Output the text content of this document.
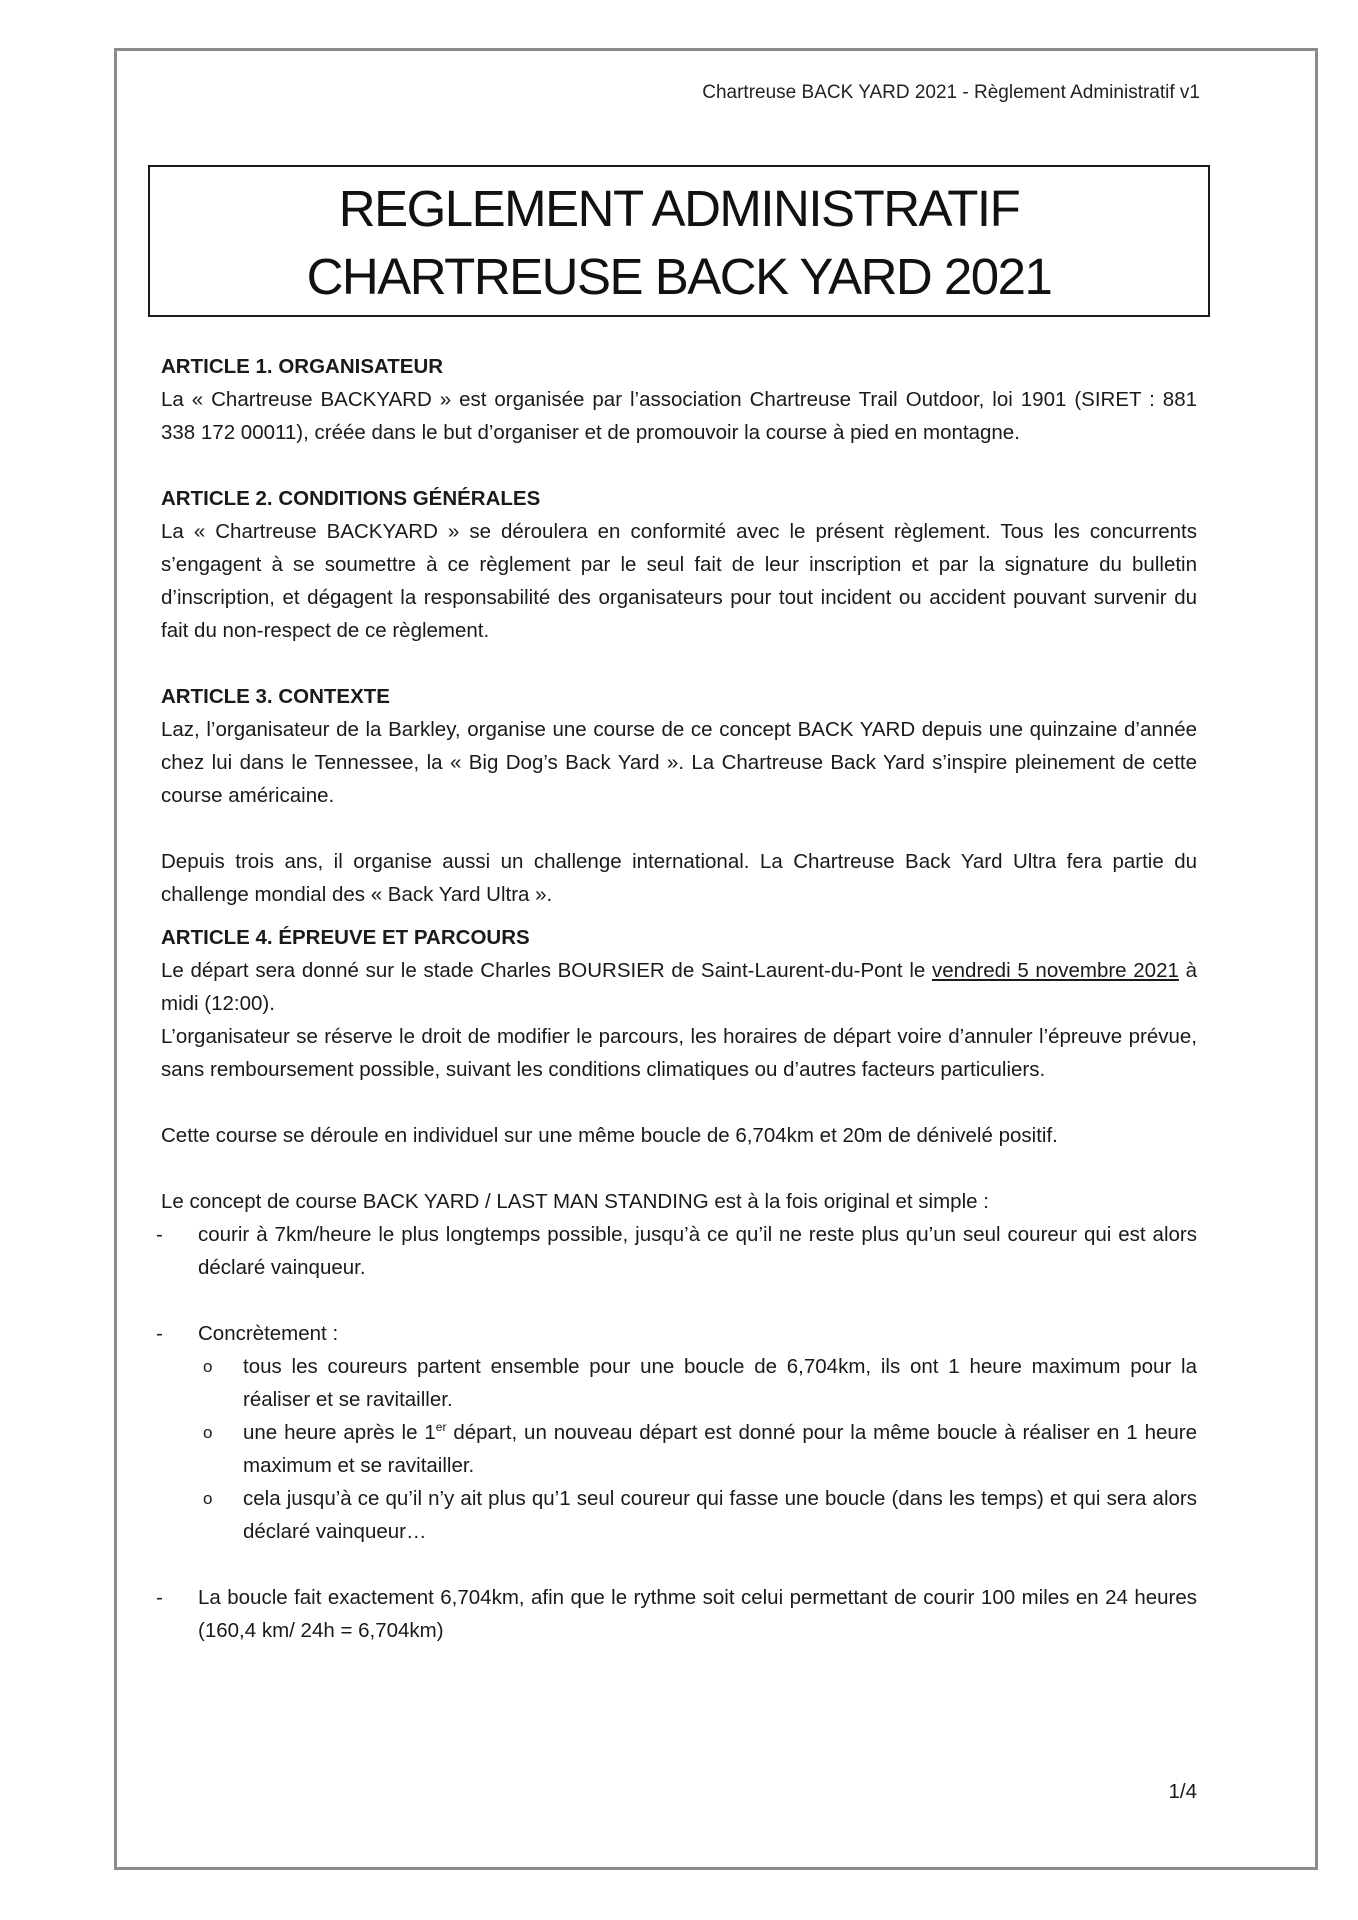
Chartreuse BACK YARD 2021 - Règlement Administratif v1
REGLEMENT ADMINISTRATIF
CHARTREUSE BACK YARD 2021

ARTICLE 1. ORGANISATEUR

La « Chartreuse BACKYARD » est organisée par l’association Chartreuse Trail Outdoor, loi 1901 (SIRET : 881 338 172 00011), créée dans le but d’organiser et de promouvoir la course à pied en montagne.

ARTICLE 2. CONDITIONS GÉNÉRALES

La « Chartreuse BACKYARD » se déroulera en conformité avec le présent règlement. Tous les concurrents s’engagent à se soumettre à ce règlement par le seul fait de leur inscription et par la signature du bulletin d’inscription, et dégagent la responsabilité des organisateurs pour tout incident ou accident pouvant survenir du fait du non-respect de ce règlement.

ARTICLE 3. CONTEXTE

Laz, l’organisateur de la Barkley, organise une course de ce concept BACK YARD depuis une quinzaine d’année chez lui dans le Tennessee, la « Big Dog’s Back Yard ». La Chartreuse Back Yard s’inspire pleinement de cette course américaine.

Depuis trois ans, il organise aussi un challenge international. La Chartreuse Back Yard Ultra fera partie du challenge mondial des « Back Yard Ultra ».

ARTICLE 4. ÉPREUVE ET PARCOURS

Le départ sera donné sur le stade Charles BOURSIER de Saint-Laurent-du-Pont le vendredi 5 novembre 2021 à midi (12:00).

L’organisateur se réserve le droit de modifier le parcours, les horaires de départ voire d’annuler l’épreuve prévue, sans remboursement possible, suivant les conditions climatiques ou d’autres facteurs particuliers.

Cette course se déroule en individuel sur une même boucle de 6,704km et 20m de dénivelé positif.

Le concept de course BACK YARD / LAST MAN STANDING est à la fois original et simple :

- courir à 7km/heure le plus longtemps possible, jusqu’à ce qu’il ne reste plus qu’un seul coureur qui est alors déclaré vainqueur.
- Concrètement :
o tous les coureurs partent ensemble pour une boucle de 6,704km, ils ont 1 heure maximum pour la réaliser et se ravitailler.
o une heure après le 1er départ, un nouveau départ est donné pour la même boucle à réaliser en 1 heure maximum et se ravitailler.
o cela jusqu’à ce qu’il n’y ait plus qu’1 seul coureur qui fasse une boucle (dans les temps) et qui sera alors déclaré vainqueur…
- La boucle fait exactement 6,704km, afin que le rythme soit celui permettant de courir 100 miles en 24 heures (160,4 km/ 24h = 6,704km)
1/4
